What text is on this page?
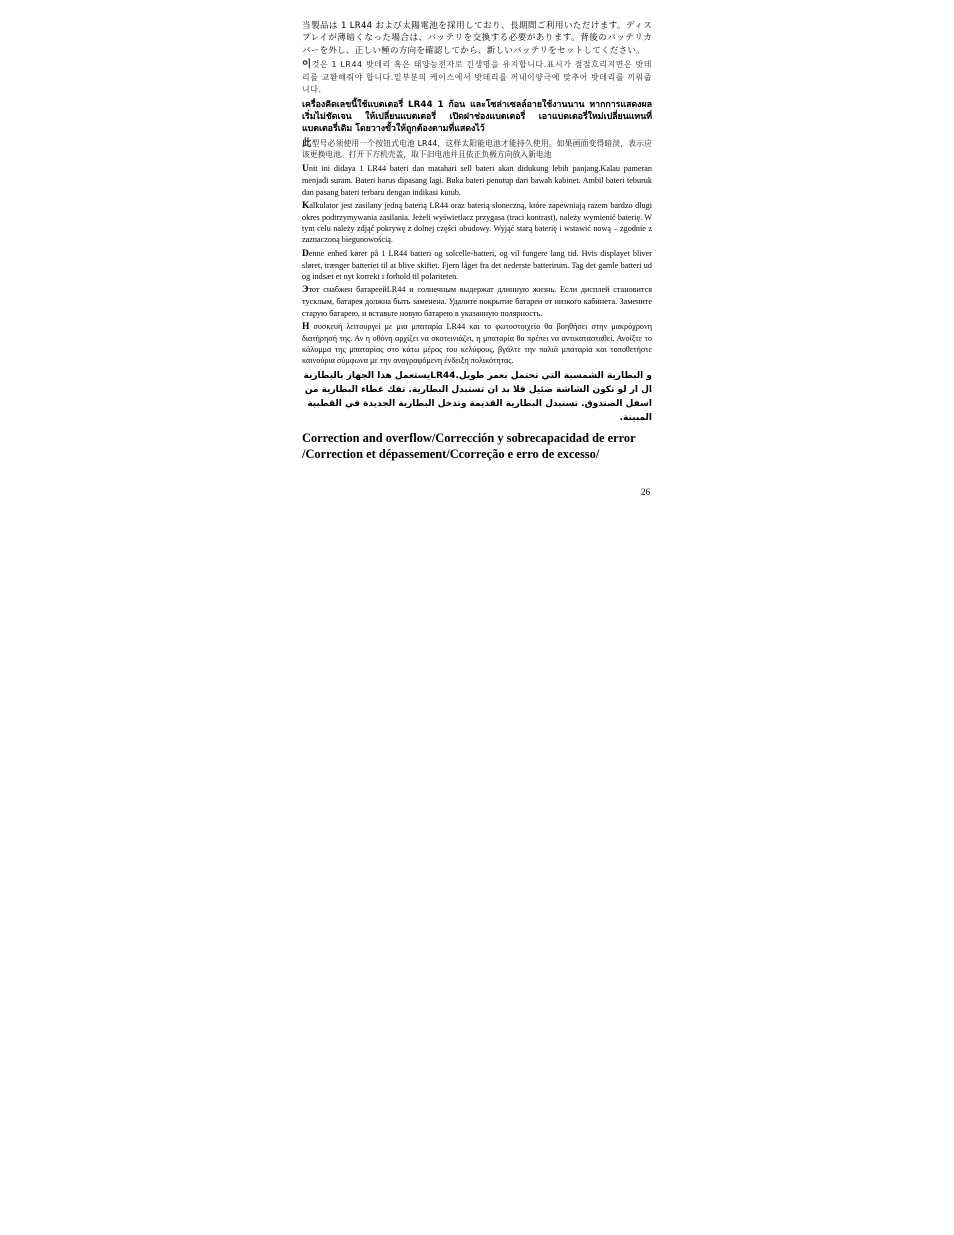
当製品は 1 LR44 および太陽電池を採用しており、長期間ご利用いただけます。ディスプレイが薄暗くなった場合は、バッテリを交換する必要があります。背後のバッテリカバーを外し、正しい極の方向を確認してから、新しいバッテリをセットしてください。

이것은 1 LR44 밧데리 혹은 태양능전자로 긴생명을 유지합니다.표시가 점점흐리지면은 밧데리를 교환해줘야 합니다.밑부분의 케이스에서 밧데리를 꺼내이양극에 맞추어 밧데리를 끼워줍니다.

เครื่องคิดเลขนี้ใช้แบตเตอรี่ LR44 1 ก้อน และโซล่าเซลล์อายใช้งานนาน หากการแสดงผลเริ่มไม่ชัดเจน ให้เปลี่ยนแบตเตอรี่ เปิดฝาช่องแบตเตอรี่ เอาแบตเตอรี่ใหม่เปลี่ยนแทนที่แบตเตอรี่เดิม โดยวางขั้วให้ถูกต้องตามที่แสดงไว้

此型号必须使用一个按钮式电池 LR44，这样太阳能电池才能持久使用。如果画面变得暗淡，表示应该更换电池。打开下方机壳盖，取下旧电池并且依正负极方向放入新电池

Unit ini didaya 1 LR44 bateri dan matahari sell bateri akan didukung lebih panjang.Kalau pameran menjadi suram. Bateri harus dipasang lagi. Buka bateri penutup dari bawah kabinet. Ambil bateri teburuk dan pasang bateri terbaru dengan indikasi kutub.

Kalkulator jest zasilany jedną baterią LR44 oraz baterią słoneczną, które zapewniają razem bardzo długi okres podtrzymywania zasilania. Jeżeli wyświetlacz przygasa (traci kontrast), należy wymienić baterię. W tym celu należy zdjąć pokrywę z dolnej części obudowy. Wyjąć starą baterię i wstawić nową – zgodnie z zaznaczoną biegunowością.

Denne enhed kører på 1 LR44 batteri og solcelle-batteri, og vil fungere lang tid. Hvis displayet bliver sløret, trænger batteriet til at blive skiftet. Fjern låget fra det nederste batterirum. Tag det gamle batteri ud og indsæt et nyt korrekt i forhold til polariteten.

Этот снабжен батареейLR44 и солнечным выдержат длинную жизнь. Если дисплей становится тусклым, батарея должна быть заменена. Удалите покрытие батареи от низкого кабинета. Замените старую батарею, и вставьте новую батарею в указанную полярность.

Η συσκευή λειτουργεί με μια μπαταρία LR44 και το φωτοστοιχείο θα βοηθήσει στην μακρόχρονη διατήρησή της. Αν η οθόνη αρχίζει να σκοτεινιάζει, η μπαταρία θα πρέπει να αντικατασταθεί. Ανοίξτε το κάλυμμα της μπαταρίας στο κάτω μέρος του κελύφους, βγάλτε την παλιά μπαταρία και τοποθετήστε καινούρια σύμφωνα με την αναγραφόμενη ένδειξη πολικότητας.

و البطارية الشمسية التي تحتمل بعمر طويل.LR44يستعمل هذا الجهاز بالبطارية ال ار لو تكون الشاشة ضئيل فلا بد ان تستبدل البطارية. تفك غطاء البطارية من اسفل الصندوق. تستبدل البطارية القديمة وتدخل البطارية الجديدة في القطبية المبينة.

Correction and overflow/Corrección y sobrecapacidad de error /Correction et dépassement/Ccorreção e erro de excesso/
26
